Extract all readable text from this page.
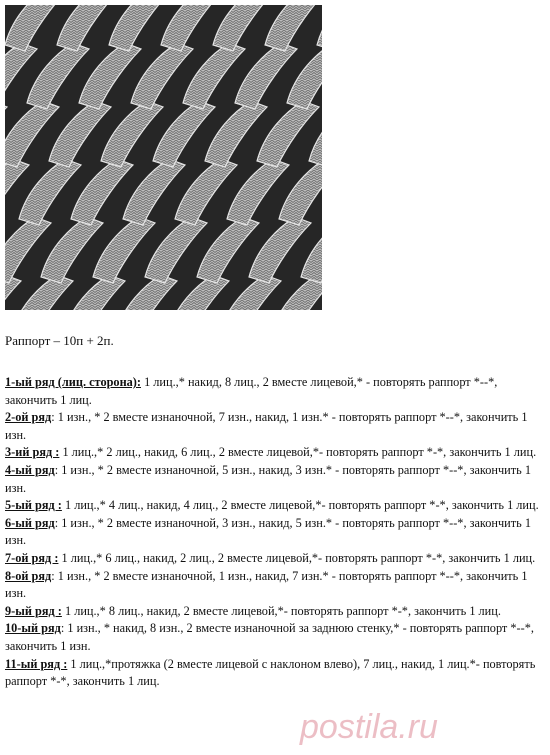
Раппорт – 10п + 2п.

1-ый ряд (лиц. сторона): 1 лиц.,* накид, 8 лиц., 2 вместе лицевой,* - повторять раппорт *--*, закончить 1 лиц.

2-ой ряд: 1 изн., * 2 вместе изнаночной, 7 изн., накид, 1 изн.* - повторять раппорт *--*, закончить 1 изн.

3-ий ряд : 1 лиц.,* 2 лиц., накид, 6 лиц., 2 вместе лицевой,*- повторять раппорт *-*, закончить 1 лиц.

4-ый ряд: 1 изн., * 2 вместе изнаночной, 5 изн., накид, 3 изн.* - повторять раппорт *--*, закончить 1 изн.

5-ый ряд : 1 лиц.,* 4 лиц., накид, 4 лиц., 2 вместе лицевой,*- повторять раппорт *-*, закончить 1 лиц.

6-ый ряд: 1 изн., * 2 вместе изнаночной, 3 изн., накид, 5 изн.* - повторять раппорт *--*, закончить 1 изн.

7-ой ряд : 1 лиц.,* 6 лиц., накид, 2 лиц., 2 вместе лицевой,*- повторять раппорт *-*, закончить 1 лиц.

8-ой ряд: 1 изн., * 2 вместе изнаночной, 1 изн., накид, 7 изн.* - повторять раппорт *--*, закончить 1 изн.

9-ый ряд : 1 лиц.,* 8 лиц., накид, 2 вместе лицевой,*- повторять раппорт *-*, закончить 1 лиц.

10-ый ряд: 1 изн., * накид, 8 изн., 2 вместе изнаночной за заднюю стенку,* - повторять раппорт *--*, закончить 1 изн.

11-ый ряд : 1 лиц.,*протяжка (2 вместе лицевой с наклоном влево), 7 лиц., накид, 1 лиц.*- повторять раппорт *-*, закончить 1 лиц.

postila.ru
